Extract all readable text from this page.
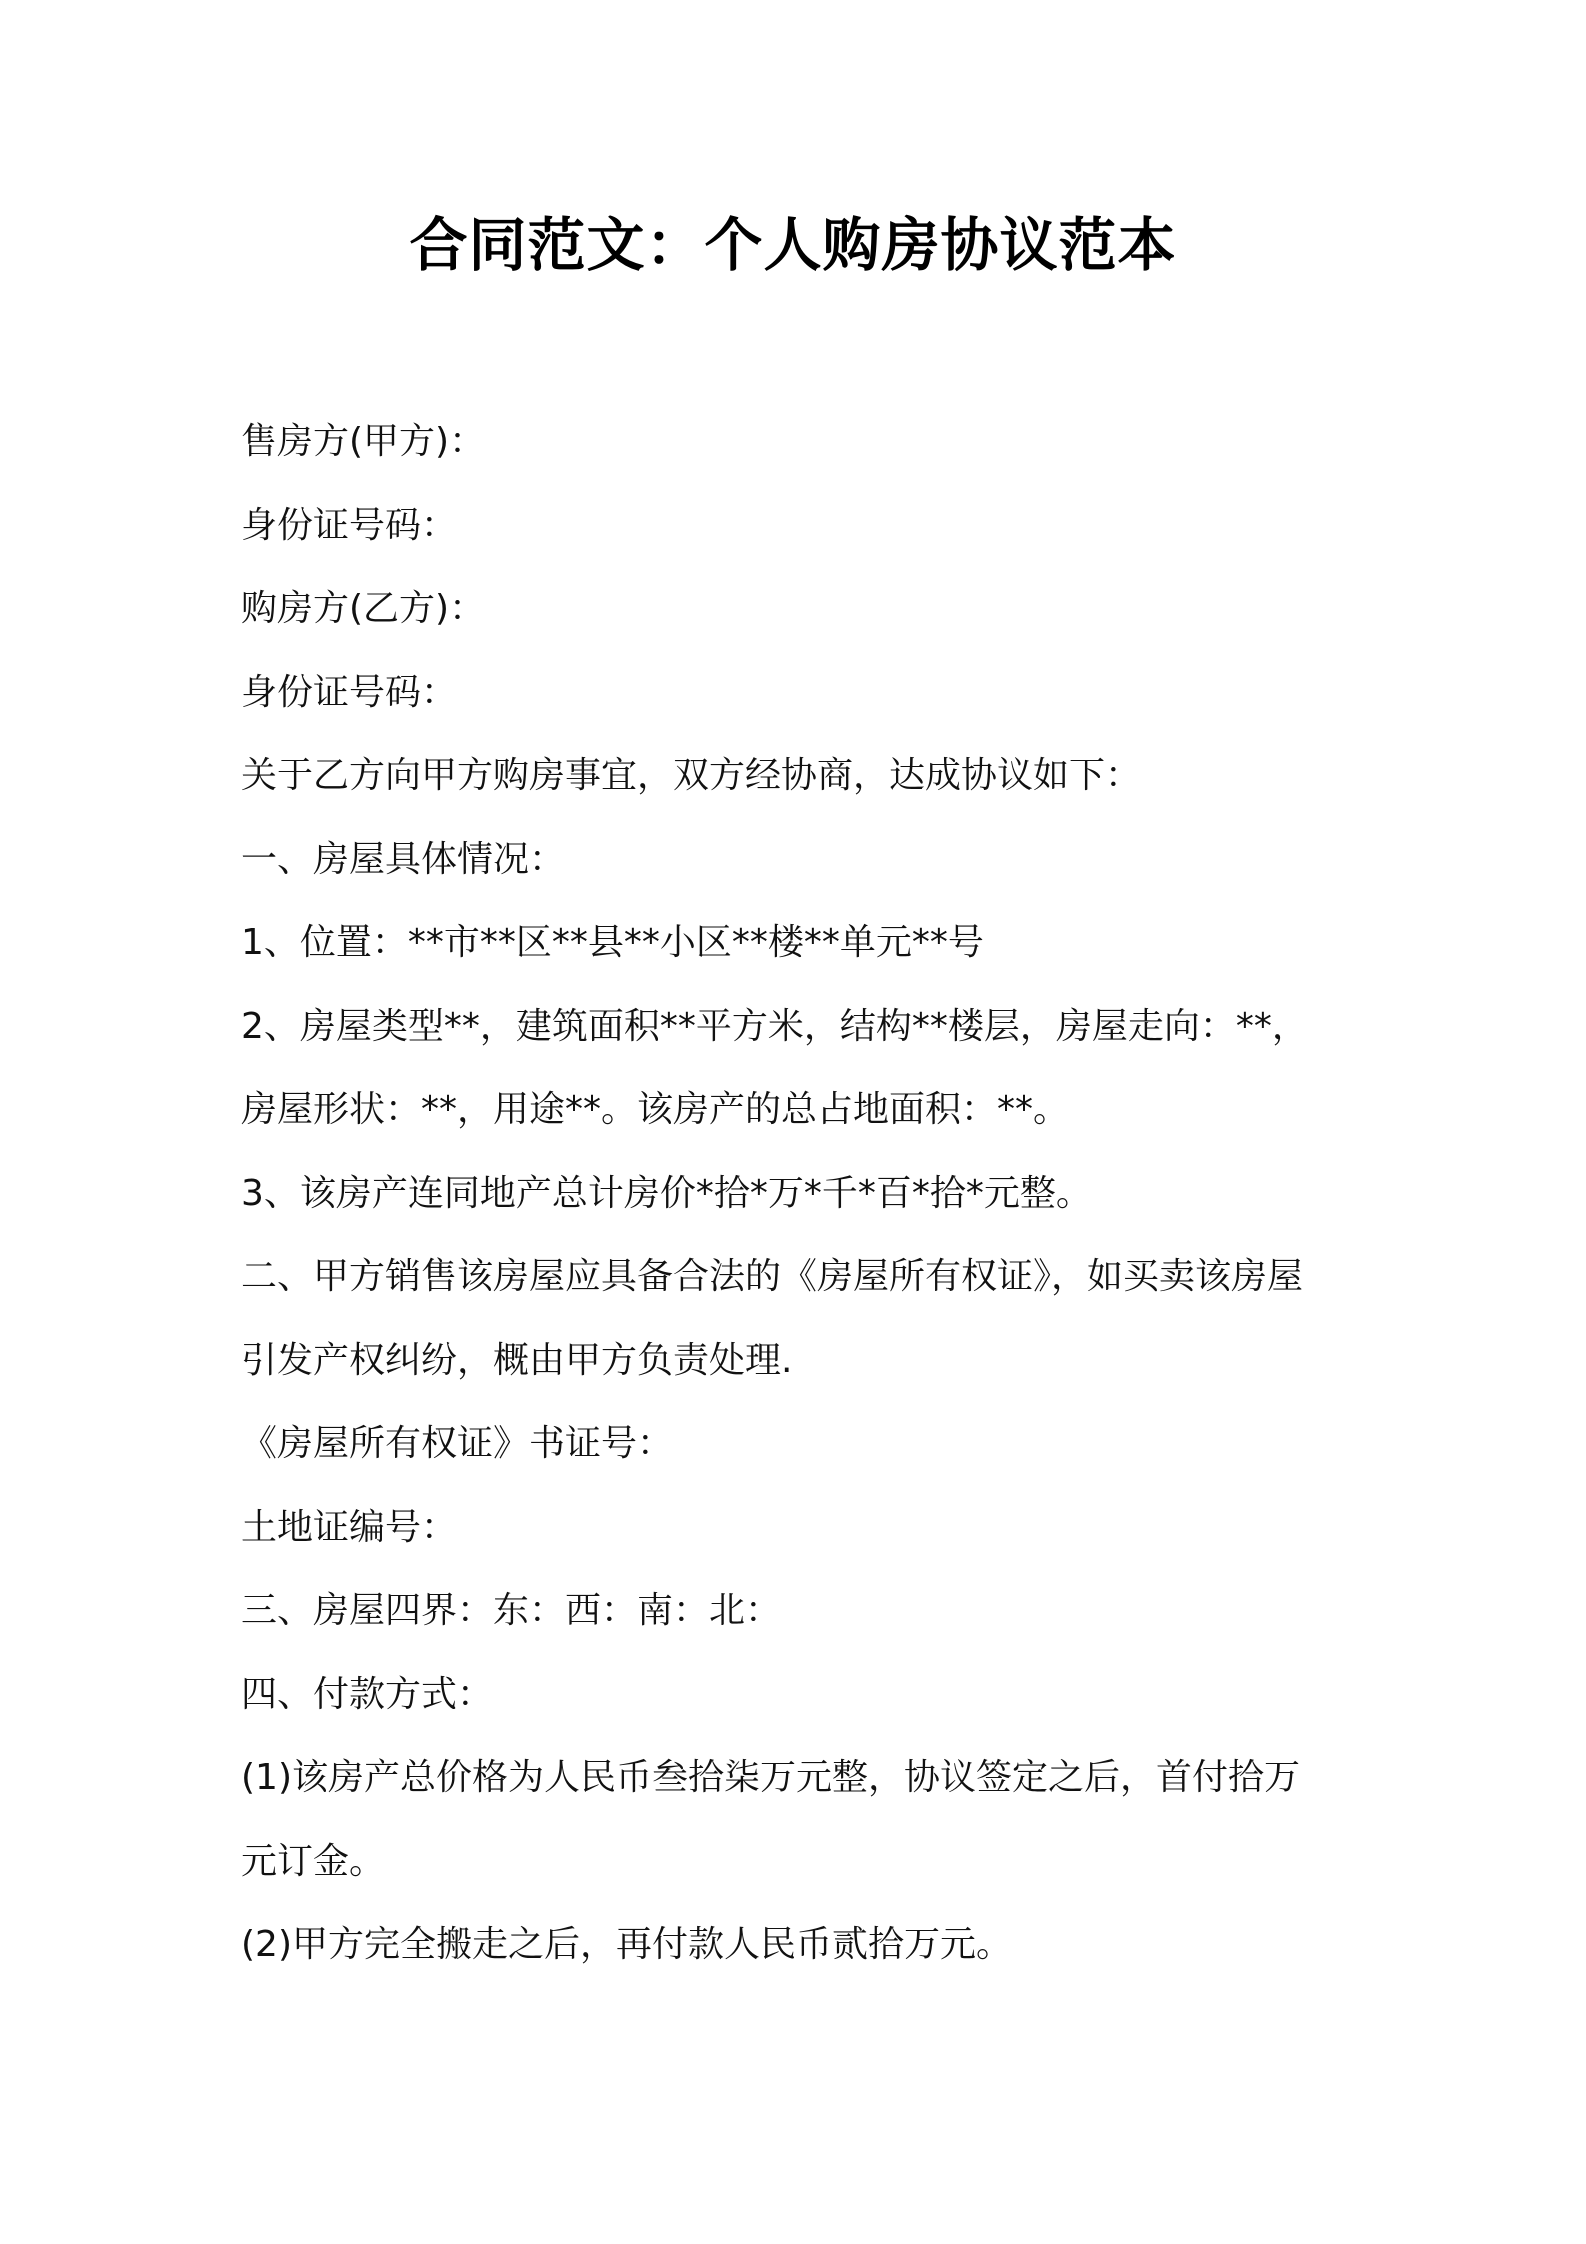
合同范文：个人购房协议范本
售房方(甲方)：
身份证号码：
购房方(乙方)：
身份证号码：
关于乙方向甲方购房事宜，双方经协商，达成协议如下：
一、房屋具体情况：
1、位置：**市**区**县**小区**楼**单元**号
2、房屋类型**，建筑面积**平方米，结构**楼层，房屋走向：**，
房屋形状：**，用途**。该房产的总占地面积：**。
3、该房产连同地产总计房价*拾*万*千*百*拾*元整。
二、甲方销售该房屋应具备合法的《房屋所有权证》，如买卖该房屋
引发产权纠纷，概由甲方负责处理.
《房屋所有权证》书证号：
土地证编号：
三、房屋四界：东：西：南：北：
四、付款方式：
(1)该房产总价格为人民币叁拾柒万元整，协议签定之后，首付拾万
元订金。
(2)甲方完全搬走之后，再付款人民币贰拾万元。
